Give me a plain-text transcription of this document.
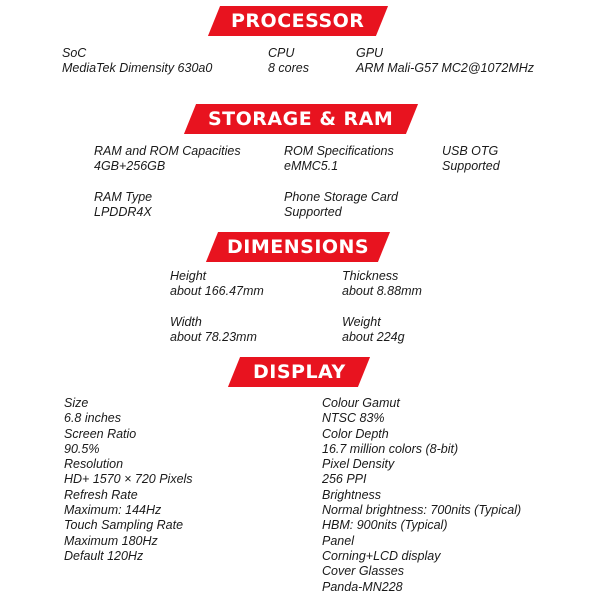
PROCESSOR
SoC
MediaTek Dimensity 630a0
CPU
8 cores
GPU
ARM Mali-G57 MC2@1072MHz
STORAGE & RAM
RAM and ROM Capacities
4GB+256GB
ROM Specifications
eMMC5.1
USB OTG
Supported
RAM Type
LPDDR4X
Phone Storage Card
Supported
DIMENSIONS
Height
about 166.47mm
Thickness
about 8.88mm
Width
about 78.23mm
Weight
about 224g
DISPLAY
Size
6.8 inches
Screen Ratio
90.5%
Resolution
HD+ 1570 × 720 Pixels
Refresh Rate
Maximum: 144Hz
Touch Sampling Rate
Maximum 180Hz
Default 120Hz
Colour Gamut
NTSC 83%
Color Depth
16.7 million colors (8-bit)
Pixel Density
256 PPI
Brightness
Normal brightness: 700nits (Typical)
HBM: 900nits (Typical)
Panel
Corning+LCD display
Cover Glasses
Panda-MN228
